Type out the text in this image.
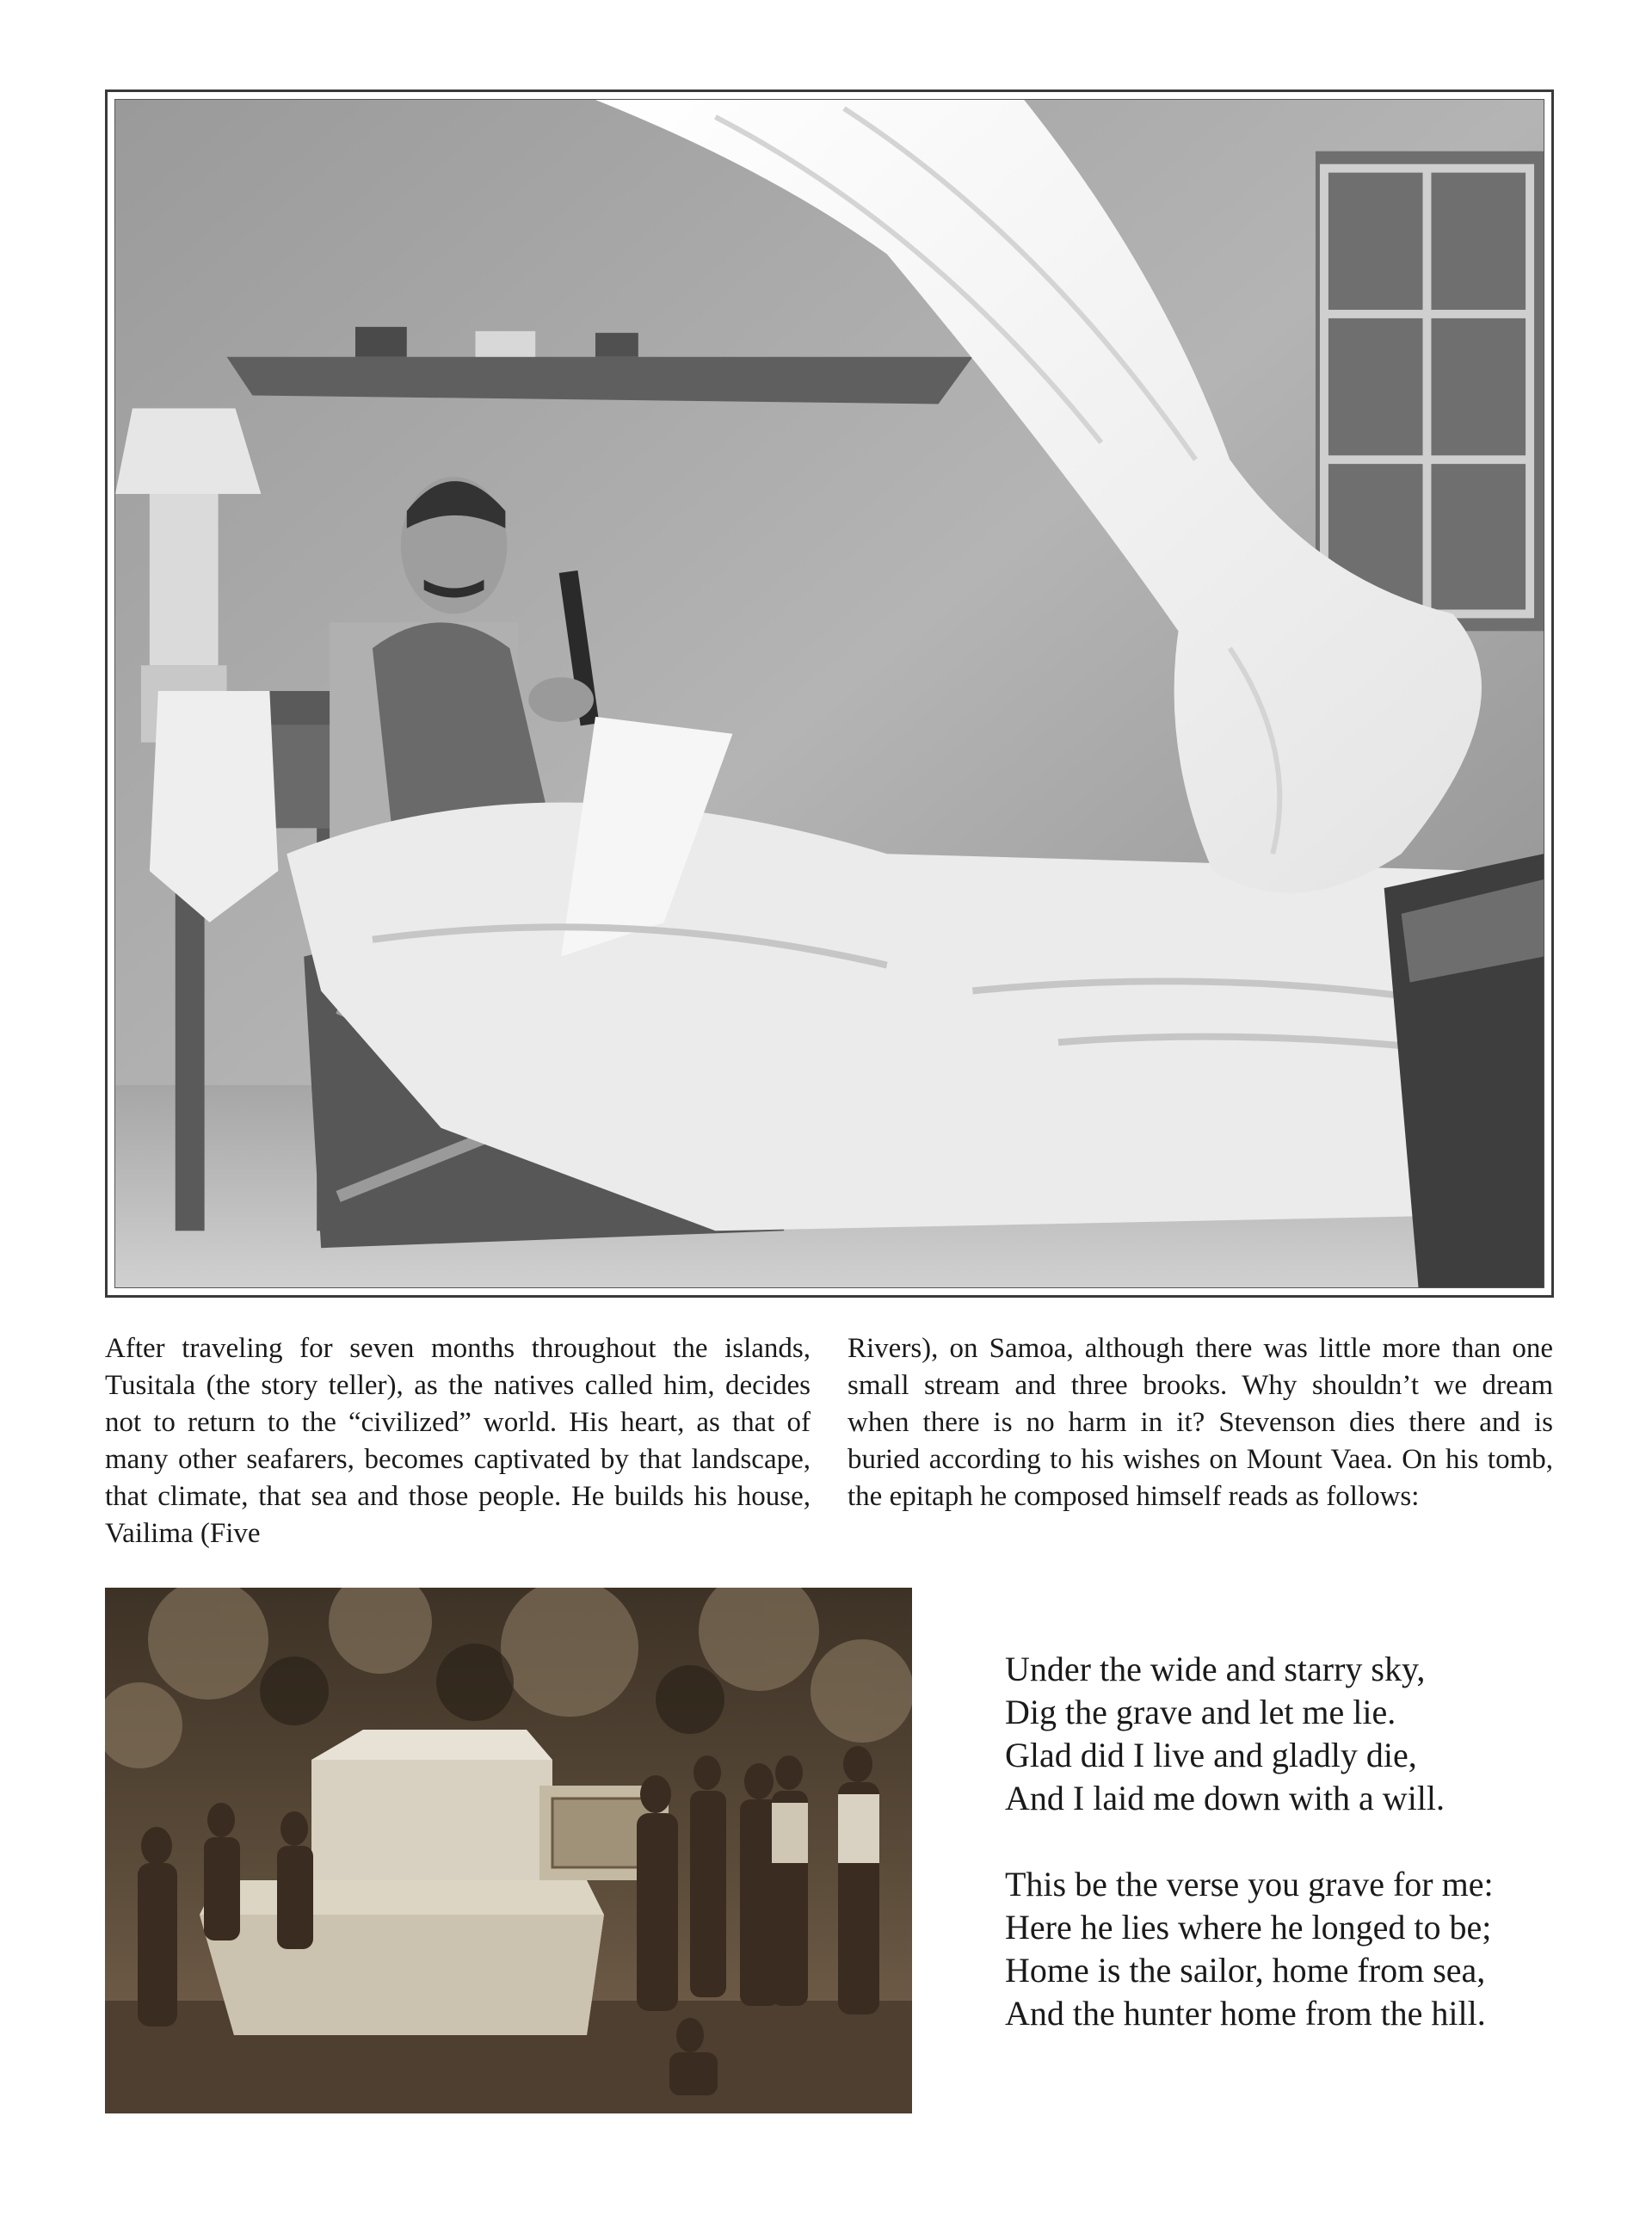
After traveling for seven months throughout the islands, Tusitala (the story teller), as the natives called him, decides not to return to the “civilized” world. His heart, as that of many other seafarers, becomes captivated by that landscape, that climate, that sea and those people. He builds his house, Vailima (Five

Rivers), on Samoa, although there was little more than one small stream and three brooks. Why shouldn’t we dream when there is no harm in it? Stevenson dies there and is buried according to his wishes on Mount Vaea. On his tomb, the epitaph he composed himself reads as follows:

Under the wide and starry sky,
Dig the grave and let me lie.
Glad did I live and gladly die,
And I laid me down with a will.
This be the verse you grave for me:
Here he lies where he longed to be;
Home is the sailor, home from sea,
And the hunter home from the hill.
